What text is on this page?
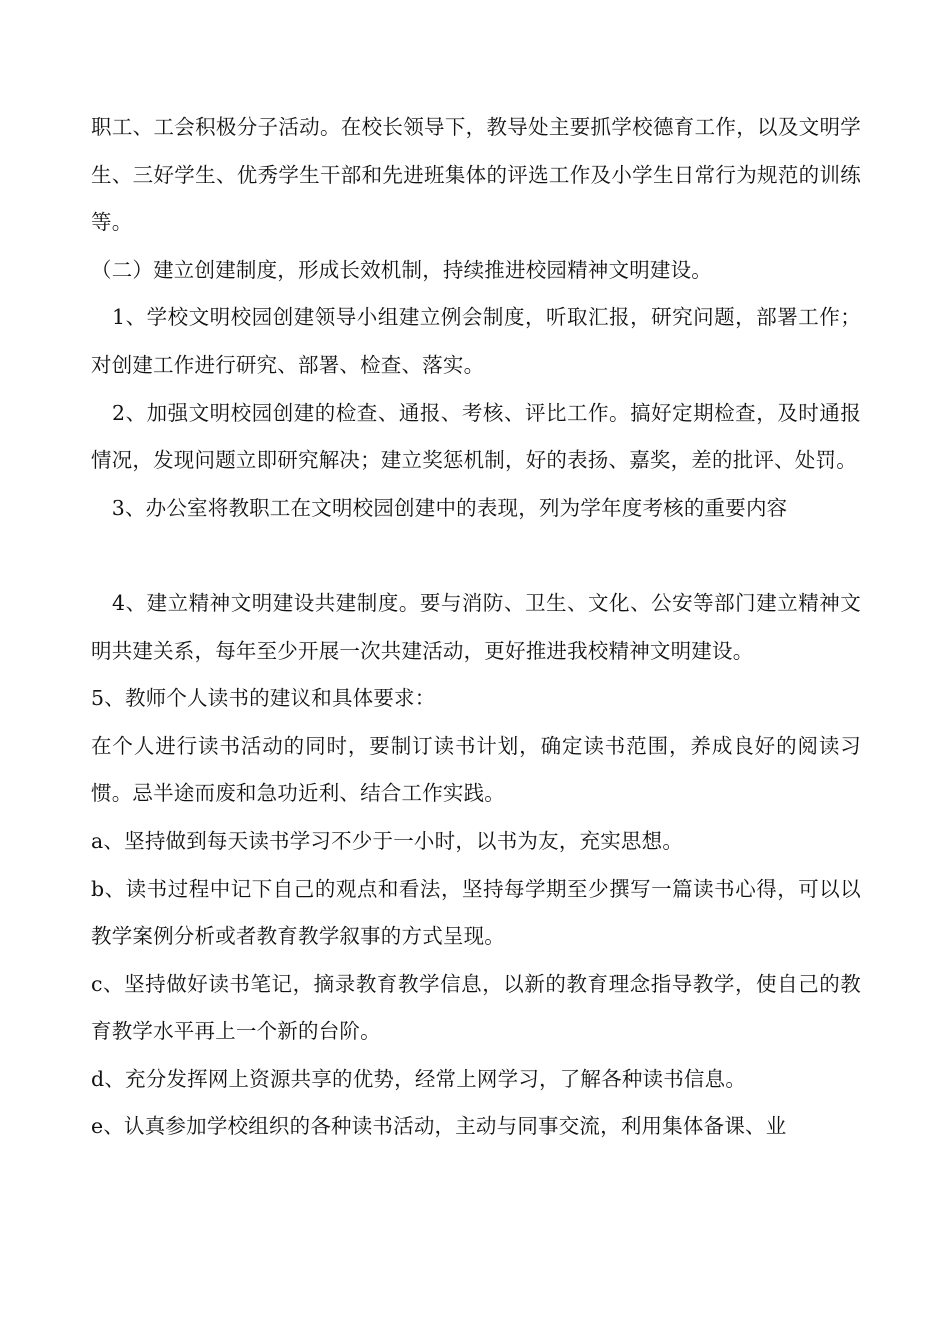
职工、工会积极分子活动。在校长领导下，教导处主要抓学校德育工作，以及文明学生、三好学生、优秀学生干部和先进班集体的评选工作及小学生日常行为规范的训练等。

（二）建立创建制度，形成长效机制，持续推进校园精神文明建设。

　1、学校文明校园创建领导小组建立例会制度，听取汇报，研究问题，部署工作；对创建工作进行研究、部署、检查、落实。

　2、加强文明校园创建的检查、通报、考核、评比工作。搞好定期检查，及时通报情况，发现问题立即研究解决；建立奖惩机制，好的表扬、嘉奖，差的批评、处罚。

　3、办公室将教职工在文明校园创建中的表现，列为学年度考核的重要内容

　4、建立精神文明建设共建制度。要与消防、卫生、文化、公安等部门建立精神文明共建关系，每年至少开展一次共建活动，更好推进我校精神文明建设。

5、教师个人读书的建议和具体要求：

在个人进行读书活动的同时，要制订读书计划，确定读书范围，养成良好的阅读习惯。忌半途而废和急功近利、结合工作实践。

a、坚持做到每天读书学习不少于一小时，以书为友，充实思想。

b、读书过程中记下自己的观点和看法，坚持每学期至少撰写一篇读书心得，可以以教学案例分析或者教育教学叙事的方式呈现。

c、坚持做好读书笔记，摘录教育教学信息，以新的教育理念指导教学，使自己的教育教学水平再上一个新的台阶。

d、充分发挥网上资源共享的优势，经常上网学习，了解各种读书信息。

e、认真参加学校组织的各种读书活动，主动与同事交流，利用集体备课、业
